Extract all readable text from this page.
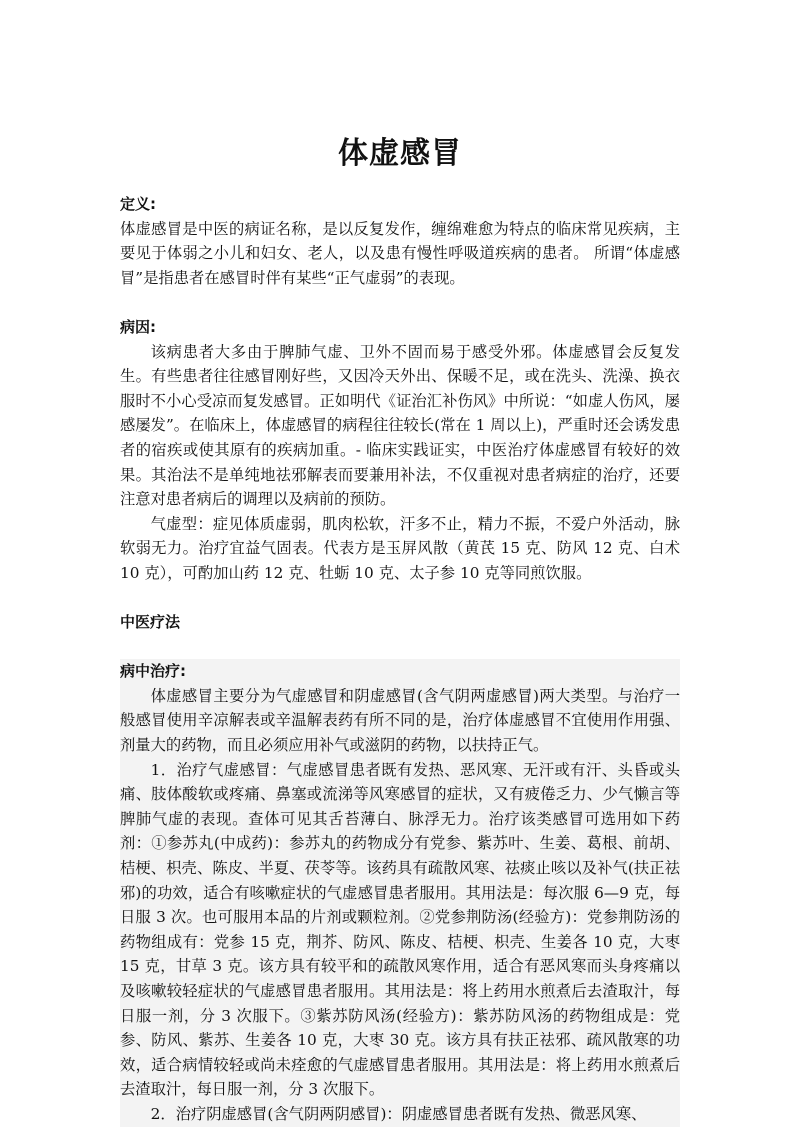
体虚感冒
定义:
体虚感冒是中医的病证名称，是以反复发作，缠绵难愈为特点的临床常见疾病，主要见于体弱之小儿和妇女、老人，以及患有慢性呼吸道疾病的患者。 所谓“体虚感冒”是指患者在感冒时伴有某些“正气虚弱”的表现。
病因:
该病患者大多由于脾肺气虚、卫外不固而易于感受外邪。体虚感冒会反复发生。有些患者往往感冒刚好些，又因冷天外出、保暖不足，或在洗头、洗澡、换衣服时不小心受凉而复发感冒。正如明代《证治汇补伤风》中所说：“如虚人伤风，屡感屡发”。在临床上，体虚感冒的病程往往较长(常在 1 周以上)，严重时还会诱发患者的宿疾或使其原有的疾病加重。- 临床实践证实，中医治疗体虚感冒有较好的效果。其治法不是单纯地祛邪解表而要兼用补法，不仅重视对患者病症的治疗，还要注意对患者病后的调理以及病前的预防。
气虚型：症见体质虚弱，肌肉松软，汗多不止，精力不振，不爱户外活动，脉软弱无力。治疗宜益气固表。代表方是玉屏风散（黄芪 15 克、防风 12 克、白术 10 克），可酌加山药 12 克、牡蛎 10 克、太子参 10 克等同煎饮服。
中医疗法
病中治疗:
体虚感冒主要分为气虚感冒和阴虚感冒(含气阴两虚感冒)两大类型。与治疗一般感冒使用辛凉解表或辛温解表药有所不同的是，治疗体虚感冒不宜使用作用强、剂量大的药物，而且必须应用补气或滋阴的药物，以扶持正气。
1．治疗气虚感冒：气虚感冒患者既有发热、恶风寒、无汗或有汗、头昏或头痛、肢体酸软或疼痛、鼻塞或流涕等风寒感冒的症状，又有疲倦乏力、少气懒言等脾肺气虚的表现。查体可见其舌苔薄白、脉浮无力。治疗该类感冒可选用如下药剂：①参苏丸(中成药)：参苏丸的药物成分有党参、紫苏叶、生姜、葛根、前胡、桔梗、枳壳、陈皮、半夏、茯苓等。该药具有疏散风寒、祛痰止咳以及补气(扶正祛邪)的功效，适合有咳嗽症状的气虚感冒患者服用。其用法是：每次服 6—9 克，每日服 3 次。也可服用本品的片剂或颗粒剂。②党参荆防汤(经验方)：党参荆防汤的药物组成有：党参 15 克，荆芥、防风、陈皮、桔梗、枳壳、生姜各 10 克，大枣 15 克，甘草 3 克。该方具有较平和的疏散风寒作用，适合有恶风寒而头身疼痛以及咳嗽较轻症状的气虚感冒患者服用。其用法是：将上药用水煎煮后去渣取汁，每日服一剂，分 3 次服下。③紫苏防风汤(经验方)：紫苏防风汤的药物组成是：党参、防风、紫苏、生姜各 10 克，大枣 30 克。该方具有扶正祛邪、疏风散寒的功效，适合病情较轻或尚未痊愈的气虚感冒患者服用。其用法是：将上药用水煎煮后去渣取汁，每日服一剂，分 3 次服下。
2．治疗阴虚感冒(含气阴两阴感冒)：阴虚感冒患者既有发热、微恶风寒、
